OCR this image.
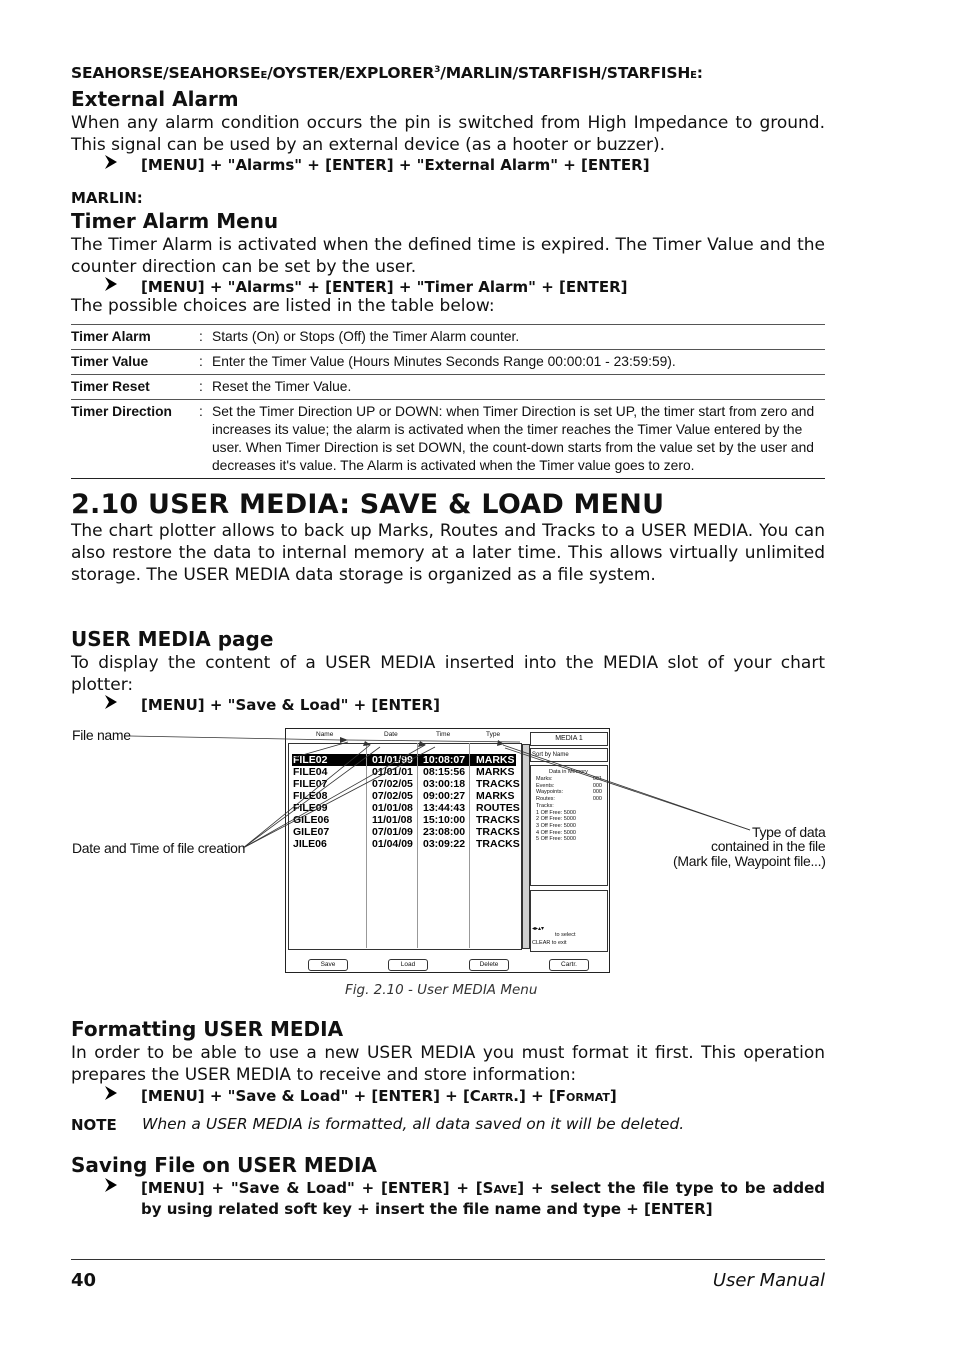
SEAHORSE/SEAHORSEE/OYSTER/EXPLORER$^3$/MARLIN/STARFISH/STARFISHE:
External Alarm
When any alarm condition occurs the pin is switched from High Impedance to ground. This signal can be used by an external device (as a hooter or buzzer).
[MENU] + "Alarms" + [ENTER] + "External Alarm" + [ENTER]
MARLIN:
Timer Alarm Menu
The Timer Alarm is activated when the defined time is expired. The Timer Value and the counter direction can be set by the user.
[MENU] + "Alarms" + [ENTER] + "Timer Alarm" + [ENTER]
The possible choices are listed in the table below:
Timer Alarm	:	Starts (On) or Stops (Off) the Timer Alarm counter.
Timer Value	:	Enter the Timer Value (Hours Minutes Seconds Range 00:00:01 - 23:59:59).
Timer Reset	:	Reset the Timer Value.
Timer Direction	:	Set the Timer Direction UP or DOWN: when Timer Direction is set UP, the timer start from zero and increases its value; the alarm is activated when the timer reaches the Timer Value entered by the user. When Timer Direction is set DOWN, the count-down starts from the value set by the user and decreases it's value. The Alarm is activated when the Timer value goes to zero.
2.10 USER MEDIA: SAVE & LOAD MENU
The chart plotter allows to back up Marks, Routes and Tracks to a USER MEDIA. You can also restore the data to internal memory at a later time. This allows virtually unlimited storage. The USER MEDIA data storage is organized as a file system.
USER MEDIA page
To display the content of a USER MEDIA inserted into the MEDIA slot of your chart plotter:
[MENU] + "Save & Load" + [ENTER]
File name
Date and Time of file creation
Type of data
contained in the file
(Mark file, Waypoint file...)
Name	Date	Time	Type
FILE02	01/01/99 10:08:07 MARKS
FILE04	01/01/01 08:15:56 MARKS
FILE07	07/02/05 03:00:18 TRACKS
FILE08	07/02/05 09:00:27 MARKS
FILE09	01/01/08 13:44:43 ROUTES
GILE06	11/01/08 15:10:00 TRACKS
GILE07	07/01/09 23:08:00 TRACKS
JILE06	01/04/09 03:09:22 TRACKS
MEDIA 1
Sort by Name
Data in Memory
Marks:	001
Events:	000
Waypoints:	000
Routes:	000
Tracks:
1 Off Free: 5000
2 Off Free: 5000
3 Off Free: 5000
4 Off Free: 5000
5 Off Free: 5000
◂▸▴▾
to select
CLEAR to exit
Save	Load	Delete	Cartr.
Fig. 2.10 - User MEDIA Menu
Formatting USER MEDIA
In order to be able to use a new USER MEDIA you must format it first. This operation prepares the USER MEDIA to receive and store information:
[MENU] + "Save & Load" + [ENTER] + [CARTR.] + [FORMAT]
NOTE When a USER MEDIA is formatted, all data saved on it will be deleted.
Saving File on USER MEDIA
[MENU] + "Save & Load" + [ENTER] + [SAVE] + select the file type to be added by using related soft key + insert the file name and type + [ENTER]
40	User Manual
